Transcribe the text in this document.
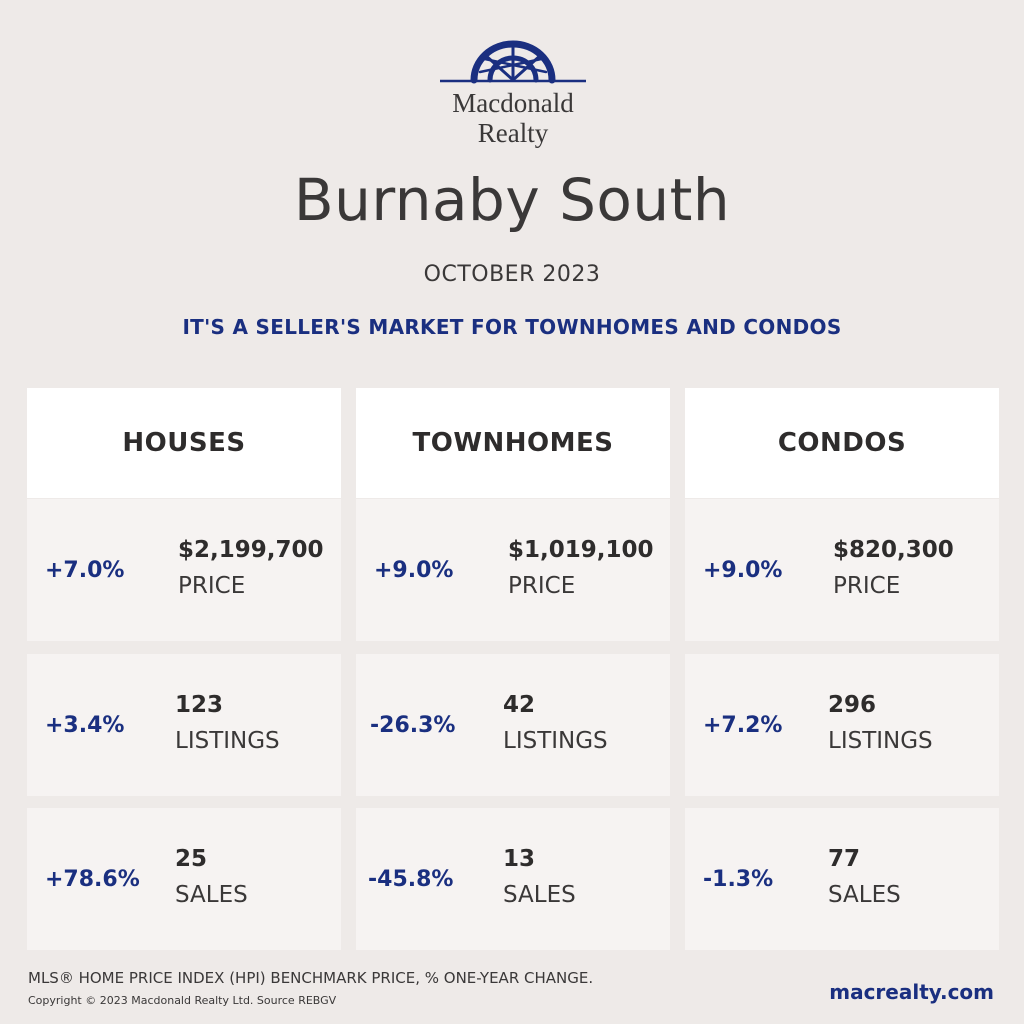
Macdonald
Realty
Burnaby South
OCTOBER 2023
IT'S A SELLER'S MARKET FOR TOWNHOMES AND CONDOS
HOUSES
+7.0%
$2,199,700
PRICE
+3.4%
123
LISTINGS
+78.6%
25
SALES
TOWNHOMES
+9.0%
$1,019,100
PRICE
-26.3%
42
LISTINGS
-45.8%
13
SALES
CONDOS
+9.0%
$820,300
PRICE
+7.2%
296
LISTINGS
-1.3%
77
SALES
MLS® HOME PRICE INDEX (HPI) BENCHMARK PRICE, % ONE-YEAR CHANGE.
Copyright © 2023 Macdonald Realty Ltd. Source REBGV	macrealty.com
